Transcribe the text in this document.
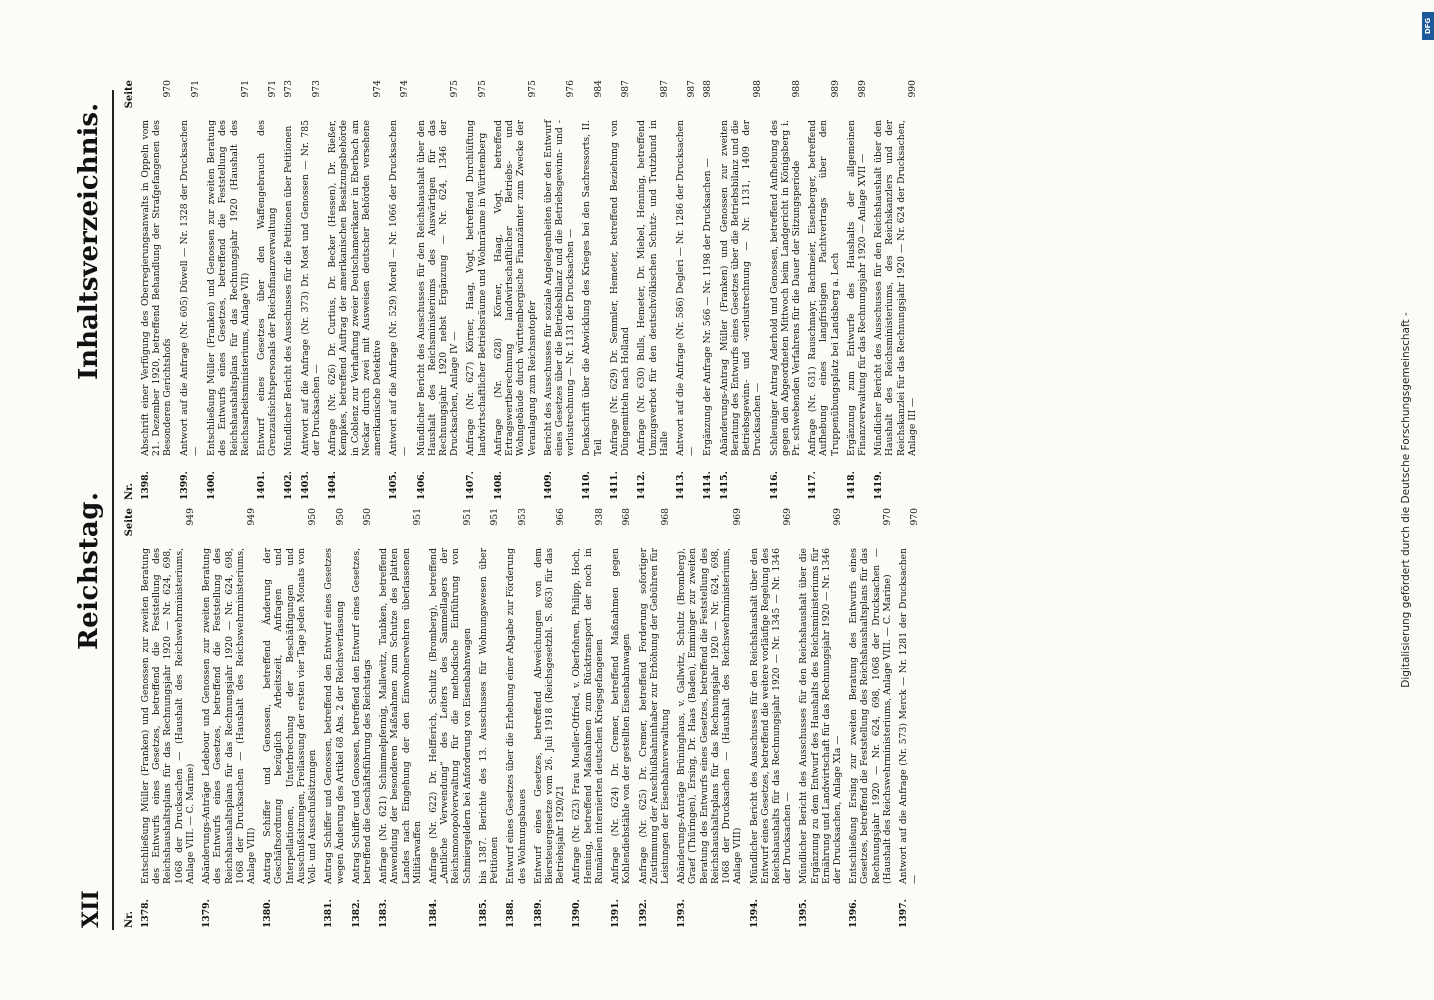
XII
Reichstag.
Nr.
Seite
1378.
Entschließung Müller (Franken) und Genossen zur zweiten Beratung des Entwurfs eines Gesetzes, betreffend die Feststellung des Reichshaushaltsplans für das Rechnungsjahr 1920 — Nr. 624, 698, 1068 der Drucksachen — (Haushalt des Reichswehrministeriums, Anlage VIII. — C. Marine)
949
1379.
Abänderungs-Anträge Ledebour und Genossen zur zweiten Beratung des Entwurfs eines Gesetzes, betreffend die Feststellung des Reichshaushaltsplans für das Rechnungsjahr 1920 — Nr. 624, 698, 1068 der Drucksachen — (Haushalt des Reichswehrministeriums, Anlage VIII)
949
1380.
Antrag Schiffer und Genossen, betreffend Änderung der Geschäftsordnung bezüglich Arbeitszeit, Anfragen und Interpellationen, Unterbrechung der Beschäftigungen und Ausschußsitzungen, Freilassung der ersten vier Tage jeden Monats von Voll- und Ausschußsitzungen
950
1381.
Antrag Schiffer und Genossen, betreffend den Entwurf eines Gesetzes wegen Änderung des Artikel 68 Abs. 2 der Reichsverfassung
950
1382.
Antrag Schiffer und Genossen, betreffend den Entwurf eines Gesetzes, betreffend die Geschäftsführung des Reichstags
950
1383.
Anfrage (Nr. 621) Schimmelpfennig, Mallewitz, Taubken, betreffend Anwendung der besonderen Maßnahmen zum Schutze des platten Landes nach Eingehung der den Einwohnerwehren überlassenen Militärwaffen
951
1384.
Anfrage (Nr. 622) Dr. Helfferich, Schultz (Bromberg), betreffend „Amtliche Verwendung“ des Leiters des Sammellagers der Reichsmonopolverwaltung für die methodische Einführung von Schmiergeldern bei Anforderung von Eisenbahnwagen
951
1385.
bis 1387. Berichte des 13. Ausschusses für Wohnungswesen über Petitionen
951
1388.
Entwurf eines Gesetzes über die Erhebung einer Abgabe zur Förderung des Wohnungsbaues
953
1389.
Entwurf eines Gesetzes, betreffend Abweichungen von dem Biersteuergesetze vom 26. Juli 1918 (Reichsgesetzbl. S. 863) für das Betriebsjahr 1920/21
966
1390.
Anfrage (Nr. 623) Frau Mueller-Otfried, v. Oberfohren, Philipp, Hoch, Henning, betreffend Maßnahmen zum Rücktransport der noch in Rumänien internierten deutschen Kriegsgefangenen
938
1391.
Anfrage (Nr. 624) Dr. Cremer, betreffend Maßnahmen gegen Kohlendiebstähle von der gestellten Eisenbahnwagen
968
1392.
Anfrage (Nr. 625) Dr. Cremer, betreffend Forderung sofortiger Zustimmung der Anschlußbahninhaber zur Erhöhung der Gebühren für Leistungen der Eisenbahnverwaltung
968
1393.
Abänderungs-Anträge Brüninghaus, v. Gallwitz, Schultz (Bromberg), Graef (Thüringen), Ersing, Dr. Haas (Baden), Emminger zur zweiten Beratung des Entwurfs eines Gesetzes, betreffend die Feststellung des Reichshaushaltsplans für das Rechnungsjahr 1920 — Nr. 624, 698, 1068 der Drucksachen — (Haushalt des Reichswehrministeriums, Anlage VIII)
969
1394.
Mündlicher Bericht des Ausschusses für den Reichshaushalt über den Entwurf eines Gesetzes, betreffend die weitere vorläufige Regelung des Reichshaushalts für das Rechnungsjahr 1920 — Nr. 1345 — Nr. 1346 der Drucksachen —
969
1395.
Mündlicher Bericht des Ausschusses für den Reichshaushalt über die Ergänzung zu dem Entwurf des Haushalts des Reichsministeriums für Ernährung und Landwirtschaft für das Rechnungsjahr 1920 — Nr. 1346 der Drucksachen, Anlage XIa —
969
1396.
Entschließung Ersing zur zweiten Beratung des Entwurfs eines Gesetzes, betreffend die Feststellung des Reichshaushaltsplans für das Rechnungsjahr 1920 — Nr. 624, 698, 1068 der Drucksachen — (Haushalt des Reichswehrministeriums, Anlage VIII. — C. Marine)
970
1397.
Antwort auf die Anfrage (Nr. 573) Merck — Nr. 1281 der Drucksachen —
970
Inhaltsverzeichnis.
Nr.
Seite
1398.
Abschrift einer Verfügung des Oberregierungsanwalts in Oppeln vom 21. Dezember 1920, betreffend Behandlung der Strafgefangenen des Besonderen Gerichtshofs
970
1399.
Antwort auf die Anfrage (Nr. 605) Düwell — Nr. 1328 der Drucksachen —
971
1400.
Entschließung Müller (Franken) und Genossen zur zweiten Beratung des Entwurfs eines Gesetzes, betreffend die Feststellung des Reichshaushaltsplans für das Rechnungsjahr 1920 (Haushalt des Reichsarbeitsministeriums, Anlage VII)
971
1401.
Entwurf eines Gesetzes über den Waffengebrauch des Grenzaufsichtspersonals der Reichsfinanzverwaltung
971
1402.
Mündlicher Bericht des Ausschusses für die Petitionen über Petitionen
973
1403.
Antwort auf die Anfrage (Nr. 373) Dr. Most und Genossen — Nr. 785 der Drucksachen —
973
1404.
Anfrage (Nr. 626) Dr. Curtius, Dr. Becker (Hessen), Dr. Rießer, Kempkes, betreffend Auftrag der amerikanischen Besatzungsbehörde in Coblenz zur Verhaftung zweier Deutschamerikaner in Eberbach am Neckar durch zwei mit Ausweisen deutscher Behörden versehene amerikanische Detektive
974
1405.
Antwort auf die Anfrage (Nr. 529) Morell — Nr. 1066 der Drucksachen —
974
1406.
Mündlicher Bericht des Ausschusses für den Reichshaushalt über den Haushalt des Reichsministeriums des Auswärtigen für das Rechnungsjahr 1920 nebst Ergänzung — Nr. 624, 1346 der Drucksachen, Anlage IV —
975
1407.
Anfrage (Nr. 627) Körner, Haag, Vogt, betreffend Durchlüftung landwirtschaftlicher Betriebsräume und Wohnräume in Württemberg
975
1408.
Anfrage (Nr. 628) Körner, Haag, Vogt, betreffend Ertragswertberechnung landwirtschaftlicher Betriebs- und Wohngebäude durch württembergische Finanzämter zum Zwecke der Veranlagung zum Reichsnotopfer
975
1409.
Bericht des Ausschusses für soziale Angelegenheiten über den Entwurf eines Gesetzes über die Betriebsbilanz und die Betriebsgewinn- und -verlustrechnung — Nr. 1131 der Drucksachen —
976
1410.
Denkschrift über die Abwicklung des Krieges bei den Sachressorts, II. Teil
984
1411.
Anfrage (Nr. 629) Dr. Semmler, Hemeter, betreffend Beziehung von Düngemitteln nach Holland
987
1412.
Anfrage (Nr. 630) Bulls, Hemeter, Dr. Miebel, Henning, betreffend Umzugsverbot für den deutschvölkischen Schutz- und Trutzbund in Halle
987
1413.
Antwort auf die Anfrage (Nr. 586) Degleri — Nr. 1286 der Drucksachen —
987
1414.
Ergänzung der Anfrage Nr. 566 — Nr. 1198 der Drucksachen —
988
1415.
Abänderungs-Antrag Müller (Franken) und Genossen zur zweiten Beratung des Entwurfs eines Gesetzes über die Betriebsbilanz und die Betriebsgewinn- und -verlustrechnung — Nr. 1131, 1409 der Drucksachen —
988
1416.
Schleuniger Antrag Aderhold und Genossen, betreffend Aufhebung des gegen den Abgeordneten Mittwoch beim Landgericht in Königsberg i. Pr. schwebenden Verfahrens für die Dauer der Sitzungsperiode
988
1417.
Anfrage (Nr. 631) Rauschmayr, Bachmeier, Eisenberger, betreffend Aufhebung eines langfristigen Pachtvertrags über den Truppenübungsplatz bei Landsberg a. Lech
989
1418.
Ergänzung zum Entwurfe des Haushalts der allgemeinen Finanzverwaltung für das Rechnungsjahr 1920 — Anlage XVII —
989
1419.
Mündlicher Bericht des Ausschusses für den Reichshaushalt über den Haushalt des Reichsministeriums, des Reichskanzlers und der Reichskanzlei für das Rechnungsjahr 1920 — Nr. 624 der Drucksachen, Anlage III —
990
Digitalisierung gefördert durch die Deutsche Forschungsgemeinschaft -
DFG
